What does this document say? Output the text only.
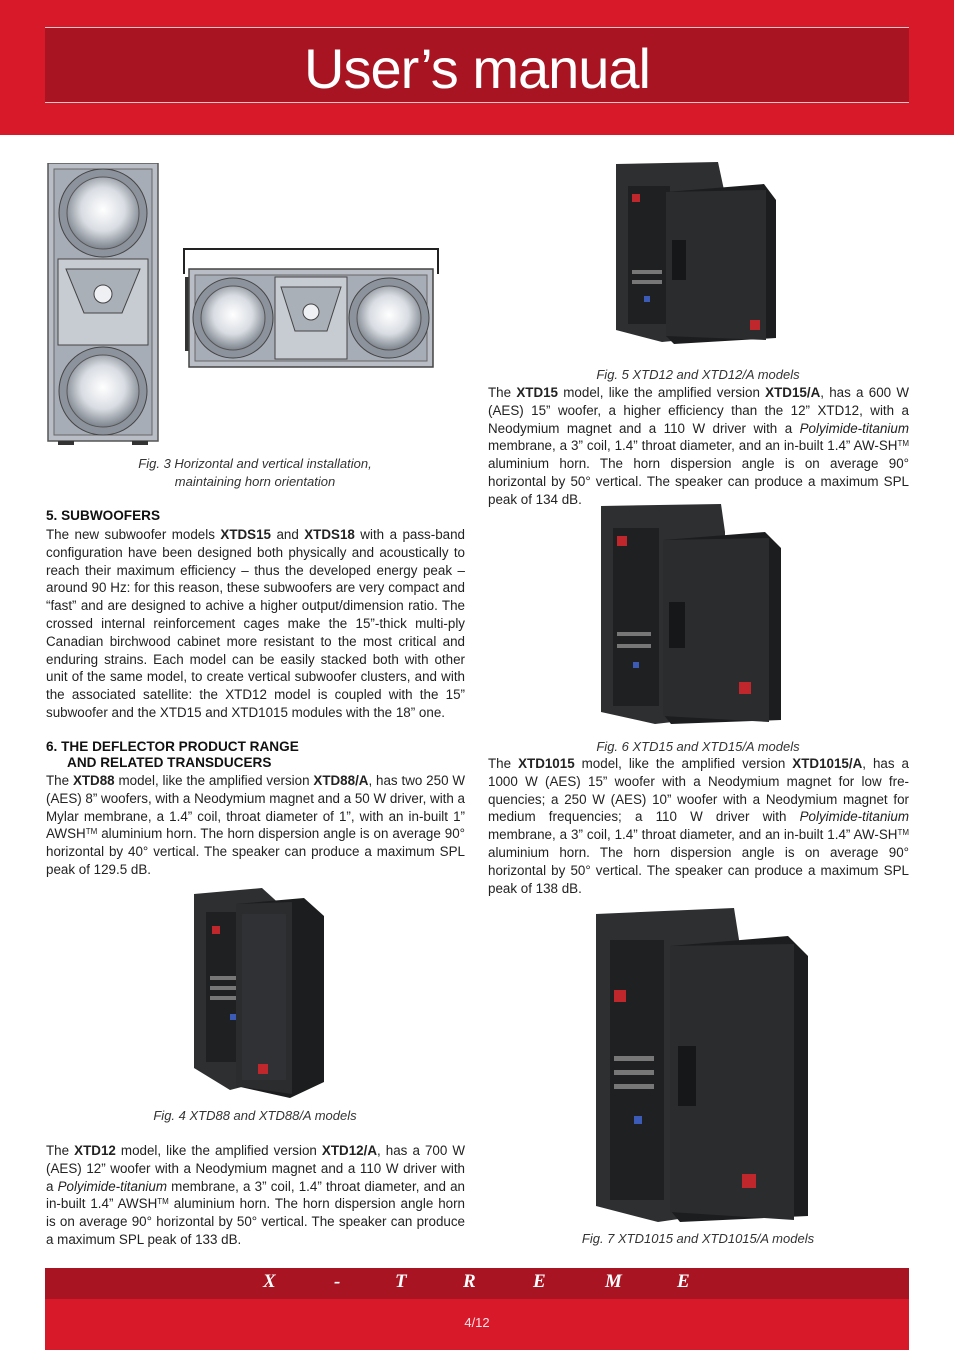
User’s manual
Fig. 3 Horizontal and vertical installation,
maintaining horn orientation
5. SUBWOOFERS
The new subwoofer models XTDS15 and XTDS18 with a pass-band configuration have been designed both physically and acoustically to reach their maximum efficiency – thus the developed energy peak – around 90 Hz: for this reason, these subwoofers are very compact and “fast” and are designed to achive a higher output/dimension ratio. The crossed internal reinforcement cages make the 15”-thick multi-ply Canadian birchwood cabinet more resistant to the most critical and enduring strains. Each model can be easily stacked both with other unit of the same model, to create vertical subwoofer clusters, and with the associated satellite: the XTD12 model is coupled with the 15” subwoofer and the XTD15 and XTD1015 modules with the 18” one.
6. THE DEFLECTOR PRODUCT RANGE
AND RELATED TRANSDUCERS
The XTD88 model, like the amplified version XTD88/A, has two 250 W (AES) 8” woofers, with a Neodymium magnet and a 50 W driver, with a Mylar membrane, a 1.4” coil, throat diameter of 1”, with an in-built 1” AWSH™ aluminium horn. The horn dispersion angle is on average 90° horizontal by 40° vertical. The speaker can produce a maximum SPL peak of 129.5 dB.
Fig. 4 XTD88 and XTD88/A models
The XTD12 model, like the amplified version XTD12/A, has a 700 W (AES) 12” woofer with a Neodymium magnet and a 110 W driver with a Polyimide-titanium membrane, a 3” coil, 1.4” throat diameter, and an in-built 1.4” AWSH™ aluminium horn. The horn dispersion angle horn is on average 90° horizontal by 50° vertical. The speaker can produce a maximum SPL peak of 133 dB.
Fig. 5 XTD12 and XTD12/A models
The XTD15 model, like the amplified version XTD15/A, has a 600 W (AES) 15” woofer, a higher efficiency than the 12” XTD12, with a Neodymium magnet and a 110 W driver with a Polyimide-titanium membrane, a 3” coil, 1.4” throat diameter, and an in-built 1.4” AW-SH™ aluminium horn. The horn dispersion angle is on average 90° horizontal by 50° vertical. The speaker can produce a maximum SPL peak of 134 dB.
Fig. 6 XTD15 and XTD15/A models
The XTD1015 model, like the amplified version XTD1015/A, has a 1000 W (AES) 15” woofer with a Neodymium magnet for low fre-quencies; a 250 W (AES) 10” woofer with a Neodymium magnet for medium frequencies; a 110 W driver with Polyimide-titanium membrane, a 3” coil, 1.4” throat diameter, and an in-built 1.4” AW-SH™ aluminium horn. The horn dispersion angle is on average 90° horizontal by 50° vertical. The speaker can produce a maximum SPL peak of 138 dB.
Fig. 7 XTD1015 and XTD1015/A models
X	-	T	R	E	M	E
4/12
